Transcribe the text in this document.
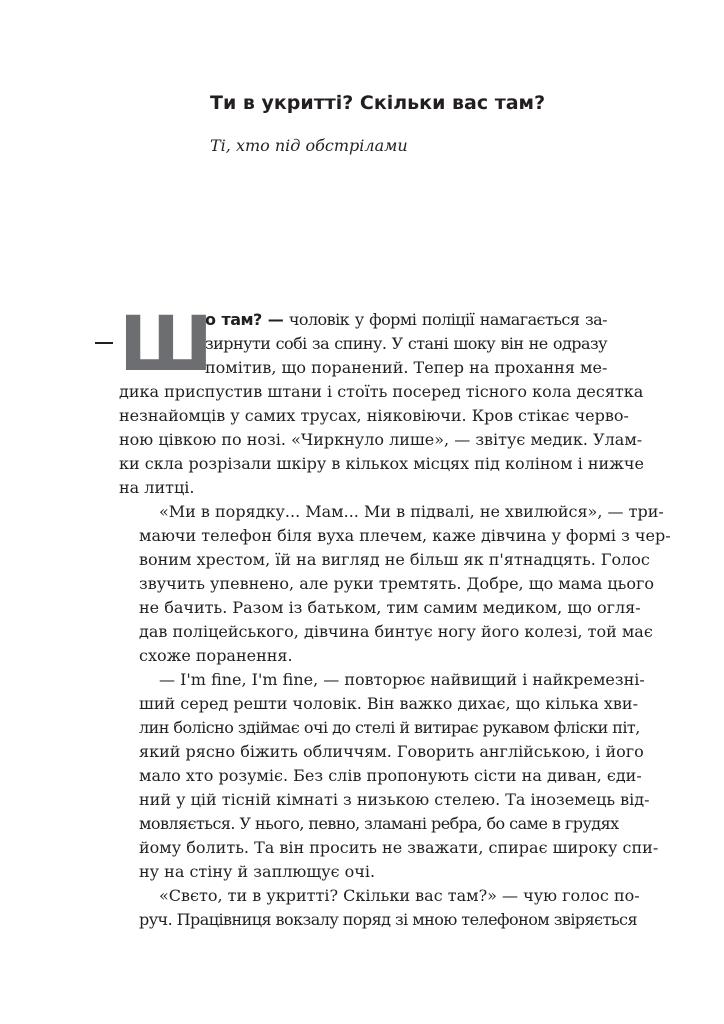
Ти в укритті? Скільки вас там?

Ті, хто під обстрілами

Ш
о там? — чоловік у формі поліції намагається за-
зирнути собі за спину. У стані шоку він не одразу
помітив, що поранений. Тепер на прохання ме-
дика приспустив штани і стоїть посеред тісного кола десятка
незнайомців у самих трусах, ніяковіючи. Кров стікає черво-
ною цівкою по нозі. «Чиркнуло лише», — звітує медик. Улам-
ки скла розрізали шкіру в кількох місцях під коліном і нижче
на литці.

«Ми в порядку... Мам... Ми в підвалі, не хвилюйся», — три-
маючи телефон біля вуха плечем, каже дівчина у формі з чер-
воним хрестом, їй на вигляд не більш як п'ятнадцять. Голос
звучить упевнено, але руки тремтять. Добре, що мама цього
не бачить. Разом із батьком, тим самим медиком, що огля-
дав поліцейського, дівчина бинтує ногу його колезі, той має
схоже поранення.

— I'm fine, I'm fine, — повторює найвищий і найкремезні-
ший серед решти чоловік. Він важко дихає, що кілька хви-
лин болісно здіймає очі до стелі й витирає рукавом фліски піт,
який рясно біжить обличчям. Говорить англійською, і його
мало хто розуміє. Без слів пропонують сісти на диван, єди-
ний у цій тісній кімнаті з низькою стелею. Та іноземець від-
мовляється. У нього, певно, зламані ребра, бо саме в грудях
йому болить. Та він просить не зважати, спирає широку спи-
ну на стіну й заплющує очі.

«Свєто, ти в укритті? Скільки вас там?» — чую голос по-
руч. Працівниця вокзалу поряд зі мною телефоном звіряється
